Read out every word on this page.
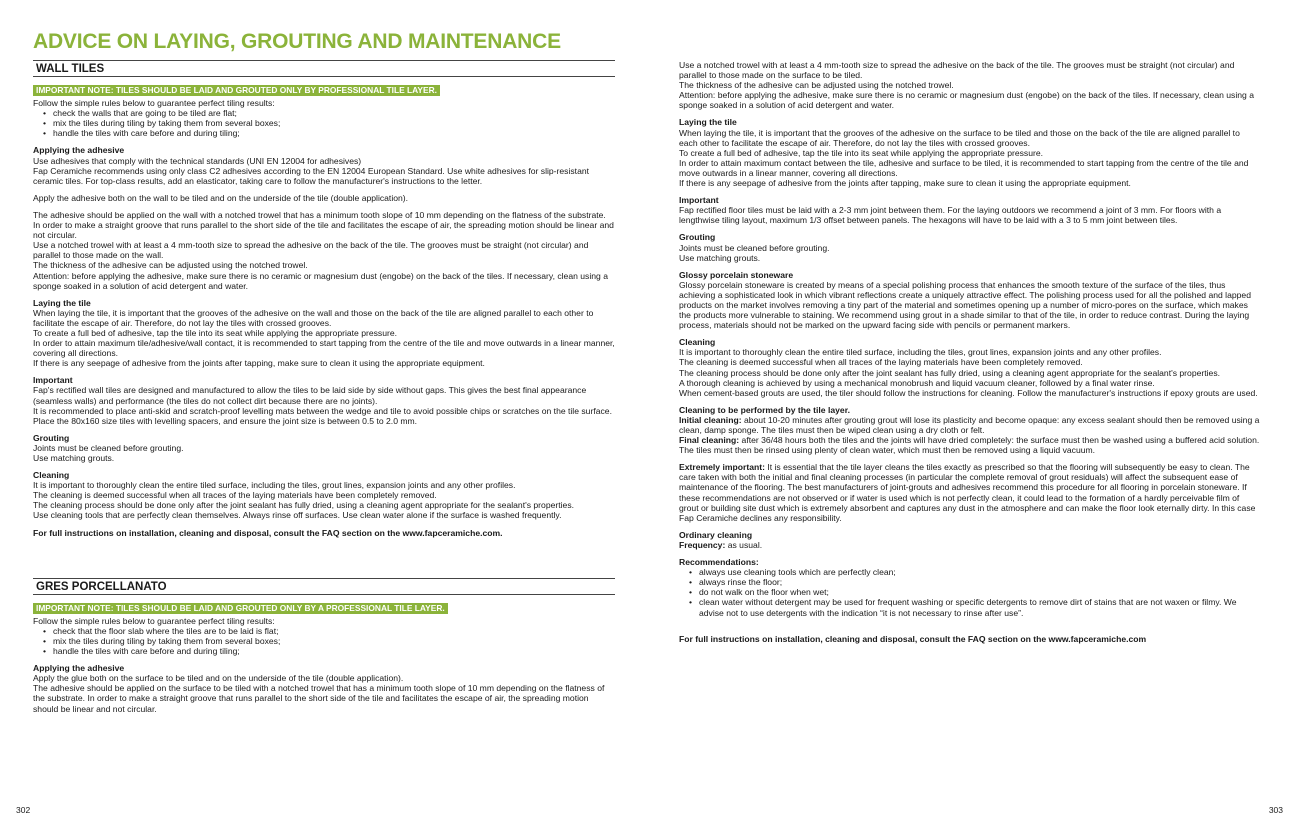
ADVICE ON LAYING, GROUTING AND MAINTENANCE
WALL TILES
IMPORTANT NOTE: TILES SHOULD BE LAID AND GROUTED ONLY BY PROFESSIONAL TILE LAYER.

Follow the simple rules below to guarantee perfect tiling results:

• check the walls that are going to be tiled are flat;
• mix the tiles during tiling by taking them from several boxes;
• handle the tiles with care before and during tiling;
Applying the adhesive

Use adhesives that comply with the technical standards (UNI EN 12004 for adhesives)

Fap Ceramiche recommends using only class C2 adhesives according to the EN 12004 European Standard. Use white adhesives for slip-resistant ceramic tiles. For top-class results, add an elasticator, taking care to follow the manufacturer's instructions to the letter.

Apply the adhesive both on the wall to be tiled and on the underside of the tile (double application).

The adhesive should be applied on the wall with a notched trowel that has a minimum tooth slope of 10 mm depending on the flatness of the substrate. In order to make a straight groove that runs parallel to the short side of the tile and facilitates the escape of air, the spreading motion should be linear and not circular.

Use a notched trowel with at least a 4 mm-tooth size to spread the adhesive on the back of the tile. The grooves must be straight (not circular) and parallel to those made on the wall.

The thickness of the adhesive can be adjusted using the notched trowel.

Attention: before applying the adhesive, make sure there is no ceramic or magnesium dust (engobe) on the back of the tiles. If necessary, clean using a sponge soaked in a solution of acid detergent and water.

Laying the tile

When laying the tile, it is important that the grooves of the adhesive on the wall and those on the back of the tile are aligned parallel to each other to facilitate the escape of air. Therefore, do not lay the tiles with crossed grooves.

To create a full bed of adhesive, tap the tile into its seat while applying the appropriate pressure.

In order to attain maximum tile/adhesive/wall contact, it is recommended to start tapping from the centre of the tile and move outwards in a linear manner, covering all directions.

If there is any seepage of adhesive from the joints after tapping, make sure to clean it using the appropriate equipment.

Important

Fap's rectified wall tiles are designed and manufactured to allow the tiles to be laid side by side without gaps. This gives the best final appearance (seamless walls) and performance (the tiles do not collect dirt because there are no joints).

It is recommended to place anti-skid and scratch-proof levelling mats between the wedge and tile to avoid possible chips or scratches on the tile surface.

Place the 80x160 size tiles with levelling spacers, and ensure the joint size is between 0.5 to 2.0 mm.

Grouting

Joints must be cleaned before grouting.

Use matching grouts.

Cleaning

It is important to thoroughly clean the entire tiled surface, including the tiles, grout lines, expansion joints and any other profiles.

The cleaning is deemed successful when all traces of the laying materials have been completely removed.

The cleaning process should be done only after the joint sealant has fully dried, using a cleaning agent appropriate for the sealant's properties.

Use cleaning tools that are perfectly clean themselves. Always rinse off surfaces. Use clean water alone if the surface is washed frequently.

For full instructions on installation, cleaning and disposal, consult the FAQ section on the www.fapceramiche.com.

GRES PORCELLANATO
IMPORTANT NOTE: TILES SHOULD BE LAID AND GROUTED ONLY BY A PROFESSIONAL TILE LAYER.

Follow the simple rules below to guarantee perfect tiling results:

• check that the floor slab where the tiles are to be laid is flat;
• mix the tiles during tiling by taking them from several boxes;
• handle the tiles with care before and during tiling;
Applying the adhesive

Apply the glue both on the surface to be tiled and on the underside of the tile (double application).

The adhesive should be applied on the surface to be tiled with a notched trowel that has a minimum tooth slope of 10 mm depending on the flatness of the substrate. In order to make a straight groove that runs parallel to the short side of the tile and facilitates the escape of air, the spreading motion should be linear and not circular.

Use a notched trowel with at least a 4 mm-tooth size to spread the adhesive on the back of the tile. The grooves must be straight (not circular) and parallel to those made on the surface to be tiled.

The thickness of the adhesive can be adjusted using the notched trowel.

Attention: before applying the adhesive, make sure there is no ceramic or magnesium dust (engobe) on the back of the tiles. If necessary, clean using a sponge soaked in a solution of acid detergent and water.

Laying the tile

When laying the tile, it is important that the grooves of the adhesive on the surface to be tiled and those on the back of the tile are aligned parallel to each other to facilitate the escape of air. Therefore, do not lay the tiles with crossed grooves.

To create a full bed of adhesive, tap the tile into its seat while applying the appropriate pressure.

In order to attain maximum contact between the tile, adhesive and surface to be tiled, it is recommended to start tapping from the centre of the tile and move outwards in a linear manner, covering all directions.

If there is any seepage of adhesive from the joints after tapping, make sure to clean it using the appropriate equipment.

Important

Fap rectified floor tiles must be laid with a 2-3 mm joint between them. For the laying outdoors we recommend a joint of 3 mm. For floors with a lengthwise tiling layout, maximum 1/3 offset between panels. The hexagons will have to be laid with a 3 to 5 mm joint between tiles.

Grouting

Joints must be cleaned before grouting.

Use matching grouts.

Glossy porcelain stoneware

Glossy porcelain stoneware is created by means of a special polishing process that enhances the smooth texture of the surface of the tiles, thus achieving a sophisticated look in which vibrant reflections create a uniquely attractive effect. The polishing process used for all the polished and lapped products on the market involves removing a tiny part of the material and sometimes opening up a number of micro-pores on the surface, which makes the products more vulnerable to staining. We recommend using grout in a shade similar to that of the tile, in order to reduce contrast. During the laying process, materials should not be marked on the upward facing side with pencils or permanent markers.

Cleaning

It is important to thoroughly clean the entire tiled surface, including the tiles, grout lines, expansion joints and any other profiles.

The cleaning is deemed successful when all traces of the laying materials have been completely removed.

The cleaning process should be done only after the joint sealant has fully dried, using a cleaning agent appropriate for the sealant's properties.

A thorough cleaning is achieved by using a mechanical monobrush and liquid vacuum cleaner, followed by a final water rinse.

When cement-based grouts are used, the tiler should follow the instructions for cleaning. Follow the manufacturer's instructions if epoxy grouts are used.

Cleaning to be performed by the tile layer.

Initial cleaning: about 10-20 minutes after grouting grout will lose its plasticity and become opaque: any excess sealant should then be removed using a clean, damp sponge. The tiles must then be wiped clean using a dry cloth or felt.

Final cleaning: after 36/48 hours both the tiles and the joints will have dried completely: the surface must then be washed using a buffered acid solution. The tiles must then be rinsed using plenty of clean water, which must then be removed using a liquid vacuum.

Extremely important: It is essential that the tile layer cleans the tiles exactly as prescribed so that the flooring will subsequently be easy to clean. The care taken with both the initial and final cleaning processes (in particular the complete removal of grout residuals) will affect the subsequent ease of maintenance of the flooring. The best manufacturers of joint-grouts and adhesives recommend this procedure for all flooring in porcelain stoneware. If these recommendations are not observed or if water is used which is not perfectly clean, it could lead to the formation of a hardly perceivable film of grout or building site dust which is extremely absorbent and captures any dust in the atmosphere and can make the floor look eternally dirty. In this case Fap Ceramiche declines any responsibility.

Ordinary cleaning

Frequency: as usual.

Recommendations:
• always use cleaning tools which are perfectly clean;
• always rinse the floor;
• do not walk on the floor when wet;
• clean water without detergent may be used for frequent washing or specific detergents to remove dirt of stains that are not waxen or filmy. We advise not to use detergents with the indication “it is not necessary to rinse after use”.

For full instructions on installation, cleaning and disposal, consult the FAQ section on the www.fapceramiche.com

302	303
